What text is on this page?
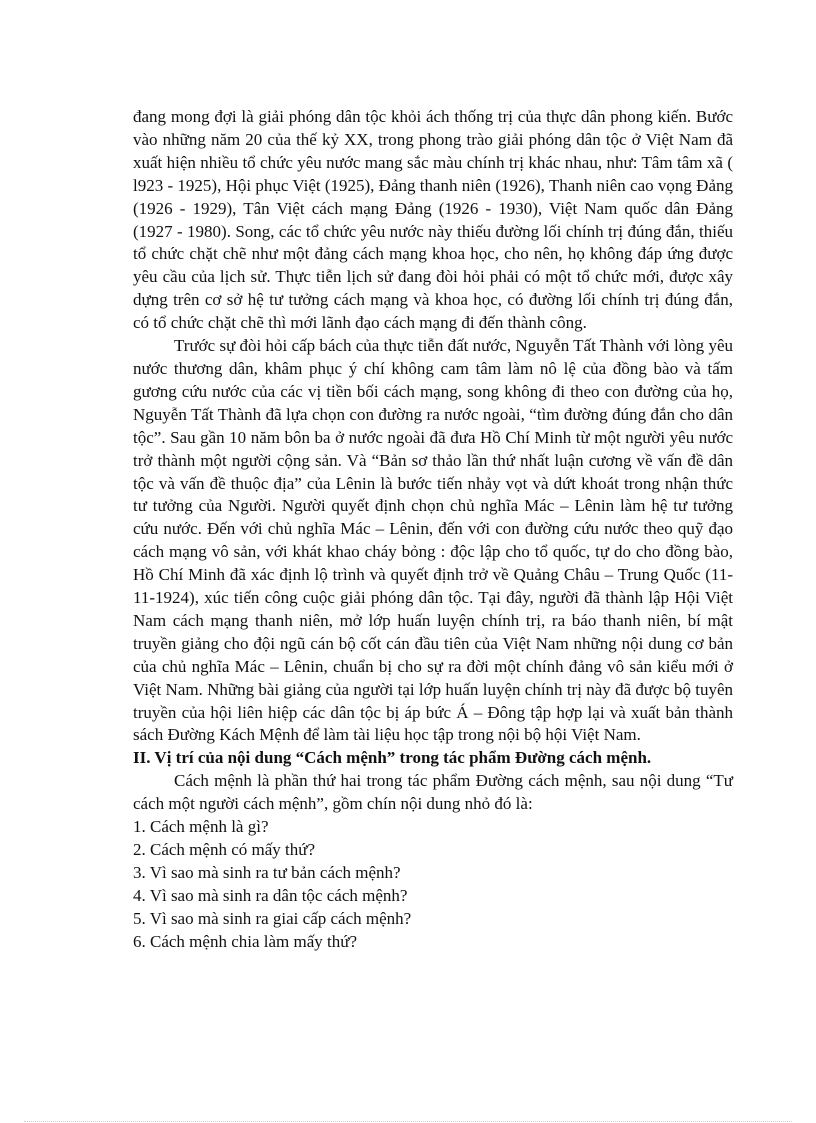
đang mong đợi là giải phóng dân tộc khỏi ách thống trị của thực dân phong kiến. Bước vào những năm 20 của thế kỷ XX, trong phong trào giải phóng dân tộc ở Việt Nam đã xuất hiện nhiều tổ chức yêu nước mang sắc màu chính trị khác nhau, như: Tâm tâm xã ( l923 - 1925), Hội phục Việt (1925), Đảng thanh niên (1926), Thanh niên cao vọng Đảng (1926 - 1929), Tân Việt cách mạng Đảng (1926 - 1930), Việt Nam quốc dân Đảng (1927 - 1980). Song, các tổ chức yêu nước này thiếu đường lối chính trị đúng đắn, thiếu tổ chức chặt chẽ như một đảng cách mạng khoa học, cho nên, họ không đáp ứng được yêu cầu của lịch sử. Thực tiễn lịch sử đang đòi hỏi phải có một tổ chức mới, được xây dựng trên cơ sở hệ tư tưởng cách mạng và khoa học, có đường lối chính trị đúng đắn, có tổ chức chặt chẽ thì mới lãnh đạo cách mạng đi đến thành công.

Trước sự đòi hỏi cấp bách của thực tiễn đất nước, Nguyễn Tất Thành với lòng yêu nước thương dân, khâm phục ý chí không cam tâm làm nô lệ của đồng bào và tấm gương cứu nước của các vị tiền bối cách mạng, song không đi theo con đường của họ, Nguyễn Tất Thành đã lựa chọn con đường ra nước ngoài, “tìm đường đúng đắn cho dân tộc”. Sau gần 10 năm bôn ba ở nước ngoài đã đưa Hồ Chí Minh từ một người yêu nước trở thành một người cộng sản. Và “Bản sơ thảo lần thứ nhất luận cương về vấn đề dân tộc và vấn đề thuộc địa” của Lênin là bước tiến nhảy vọt và dứt khoát trong nhận thức tư tưởng của Người. Người quyết định chọn chủ nghĩa Mác – Lênin làm hệ tư tưởng cứu nước. Đến với chủ nghĩa Mác – Lênin, đến với con đường cứu nước theo quỹ đạo cách mạng vô sản, với khát khao cháy bỏng : độc lập cho tổ quốc, tự do cho đồng bào, Hồ Chí Minh đã xác định lộ trình và quyết định trở về Quảng Châu – Trung Quốc (11-11-1924), xúc tiến công cuộc giải phóng dân tộc. Tại đây, người đã thành lập Hội Việt Nam cách mạng thanh niên, mở lớp huấn luyện chính trị, ra báo thanh niên, bí mật truyền giảng cho đội ngũ cán bộ cốt cán đầu tiên của Việt Nam những nội dung cơ bản của chủ nghĩa Mác – Lênin, chuẩn bị cho sự ra đời một chính đảng vô sản kiểu mới ở Việt Nam. Những bài giảng của người tại lớp huấn luyện chính trị này đã được bộ tuyên truyền của hội liên hiệp các dân tộc bị áp bức Á – Đông tập hợp lại và xuất bản thành sách Đường Kách Mệnh để làm tài liệu học tập trong nội bộ hội Việt Nam.

II. Vị trí của nội dung “Cách mệnh” trong tác phẩm Đường cách mệnh.

Cách mệnh là phần thứ hai trong tác phẩm Đường cách mệnh, sau nội dung “Tư cách một người cách mệnh”, gồm chín nội dung nhỏ đó là:

1. Cách mệnh là gì?
2. Cách mệnh có mấy thứ?
3. Vì sao mà sinh ra tư bản cách mệnh?
4. Vì sao mà sinh ra dân tộc cách mệnh?
5. Vì sao mà sinh ra giai cấp cách mệnh?
6. Cách mệnh chia làm mấy thứ?
